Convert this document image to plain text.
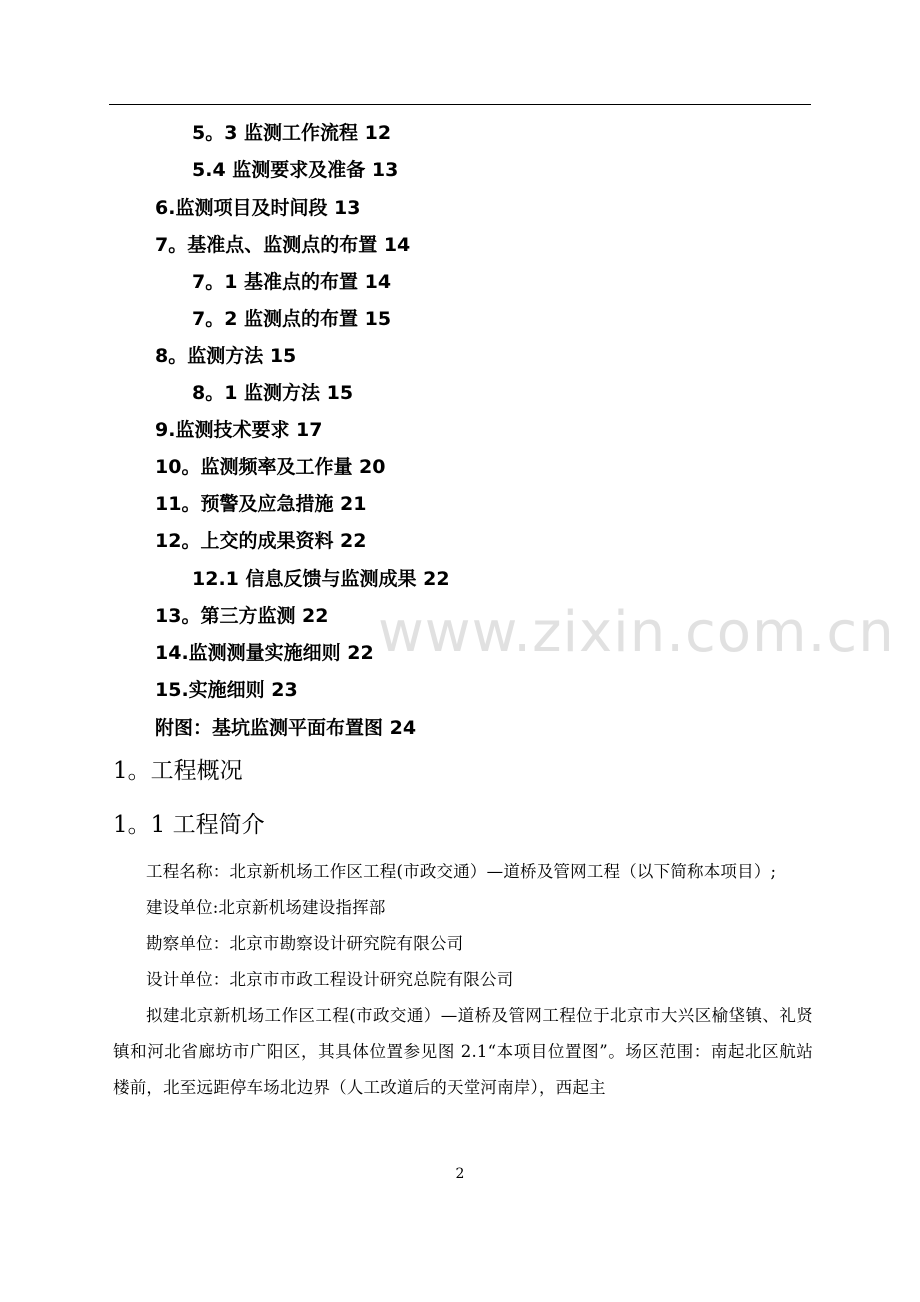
5。3 监测工作流程 12
5.4 监测要求及准备 13
6.监测项目及时间段 13
7。基准点、监测点的布置 14
7。1 基准点的布置 14
7。2 监测点的布置 15
8。监测方法 15
8。1 监测方法 15
9.监测技术要求 17
10。监测频率及工作量 20
11。预警及应急措施 21
12。上交的成果资料 22
12.1 信息反馈与监测成果 22
13。第三方监测 22
14.监测测量实施细则 22
15.实施细则 23
附图：基坑监测平面布置图 24
www.zixin.com.cn
1。工程概况
1。1 工程简介

工程名称：北京新机场工作区工程(市政交通）—道桥及管网工程（以下简称本项目）;

建设单位:北京新机场建设指挥部

勘察单位：北京市勘察设计研究院有限公司

设计单位：北京市市政工程设计研究总院有限公司

拟建北京新机场工作区工程(市政交通）—道桥及管网工程位于北京市大兴区榆垡镇、礼贤镇和河北省廊坊市广阳区，其具体位置参见图 2.1“本项目位置图”。场区范围：南起北区航站楼前，北至远距停车场北边界（人工改道后的天堂河南岸），西起主

2
